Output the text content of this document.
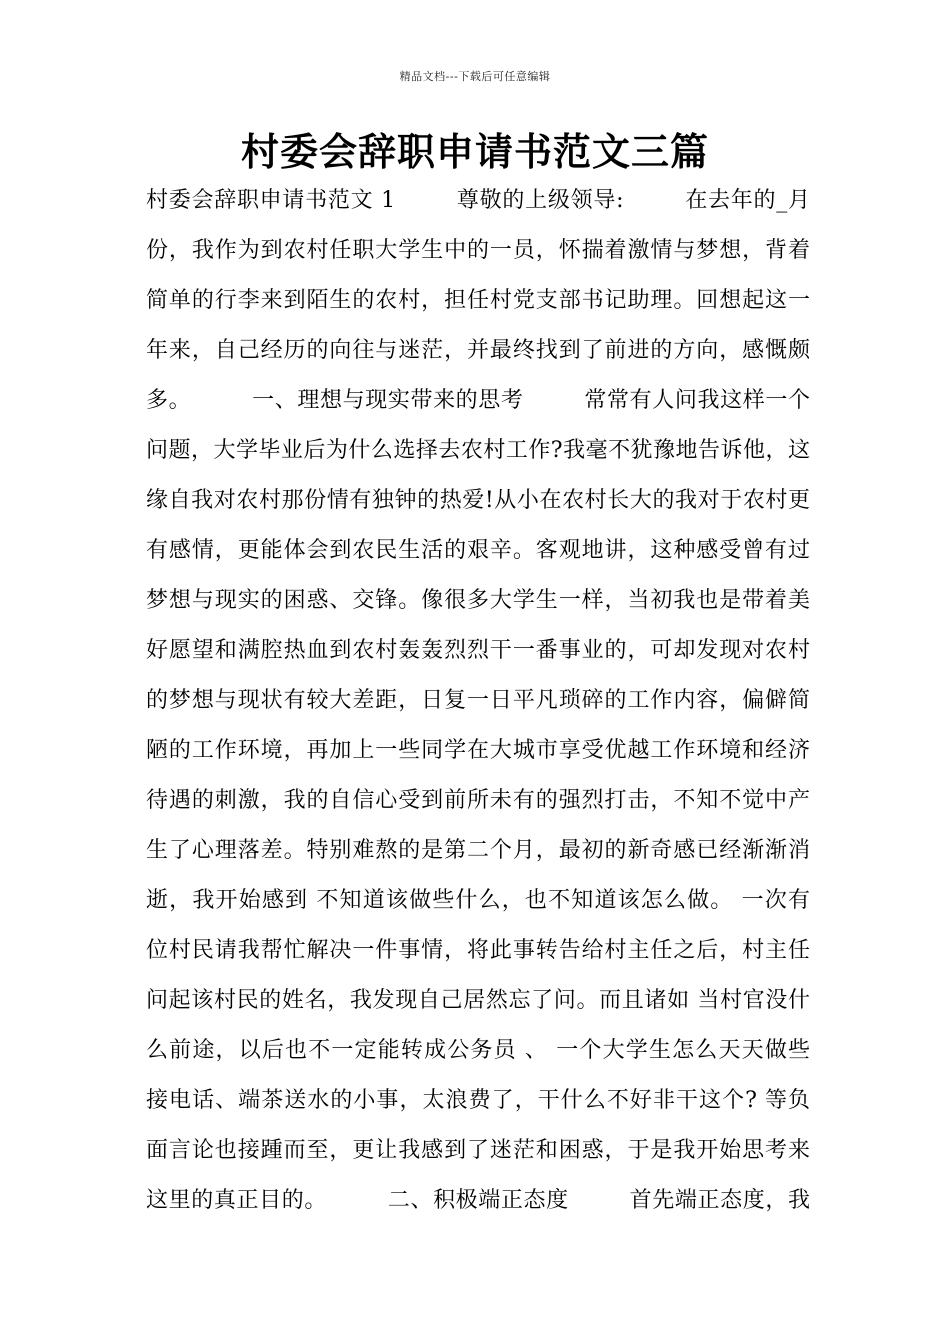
精品文档---下载后可任意编辑
村委会辞职申请书范文三篇
村委会辞职申请书范文 1        尊敬的上级领导:        在去年的_月
份，我作为到农村任职大学生中的一员，怀揣着激情与梦想，背着
简单的行李来到陌生的农村，担任村党支部书记助理。回想起这一
年来，自己经历的向往与迷茫，并最终找到了前进的方向，感慨颇
多。        一、理想与现实带来的思考        常常有人问我这样一个
问题，大学毕业后为什么选择去农村工作?我毫不犹豫地告诉他，这
缘自我对农村那份情有独钟的热爱!从小在农村长大的我对于农村更
有感情，更能体会到农民生活的艰辛。客观地讲，这种感受曾有过
梦想与现实的困惑、交锋。像很多大学生一样，当初我也是带着美
好愿望和满腔热血到农村轰轰烈烈干一番事业的，可却发现对农村
的梦想与现状有较大差距，日复一日平凡琐碎的工作内容，偏僻简
陋的工作环境，再加上一些同学在大城市享受优越工作环境和经济
待遇的刺激，我的自信心受到前所未有的强烈打击，不知不觉中产
生了心理落差。特别难熬的是第二个月，最初的新奇感已经渐渐消
逝，我开始感到 不知道该做些什么，也不知道该怎么做。 一次有
位村民请我帮忙解决一件事情，将此事转告给村主任之后，村主任
问起该村民的姓名，我发现自己居然忘了问。而且诸如 当村官没什
么前途，以后也不一定能转成公务员 、 一个大学生怎么天天做些
接电话、端茶送水的小事，太浪费了，干什么不好非干这个? 等负
面言论也接踵而至，更让我感到了迷茫和困惑，于是我开始思考来
这里的真正目的。        二、积极端正态度        首先端正态度，我
